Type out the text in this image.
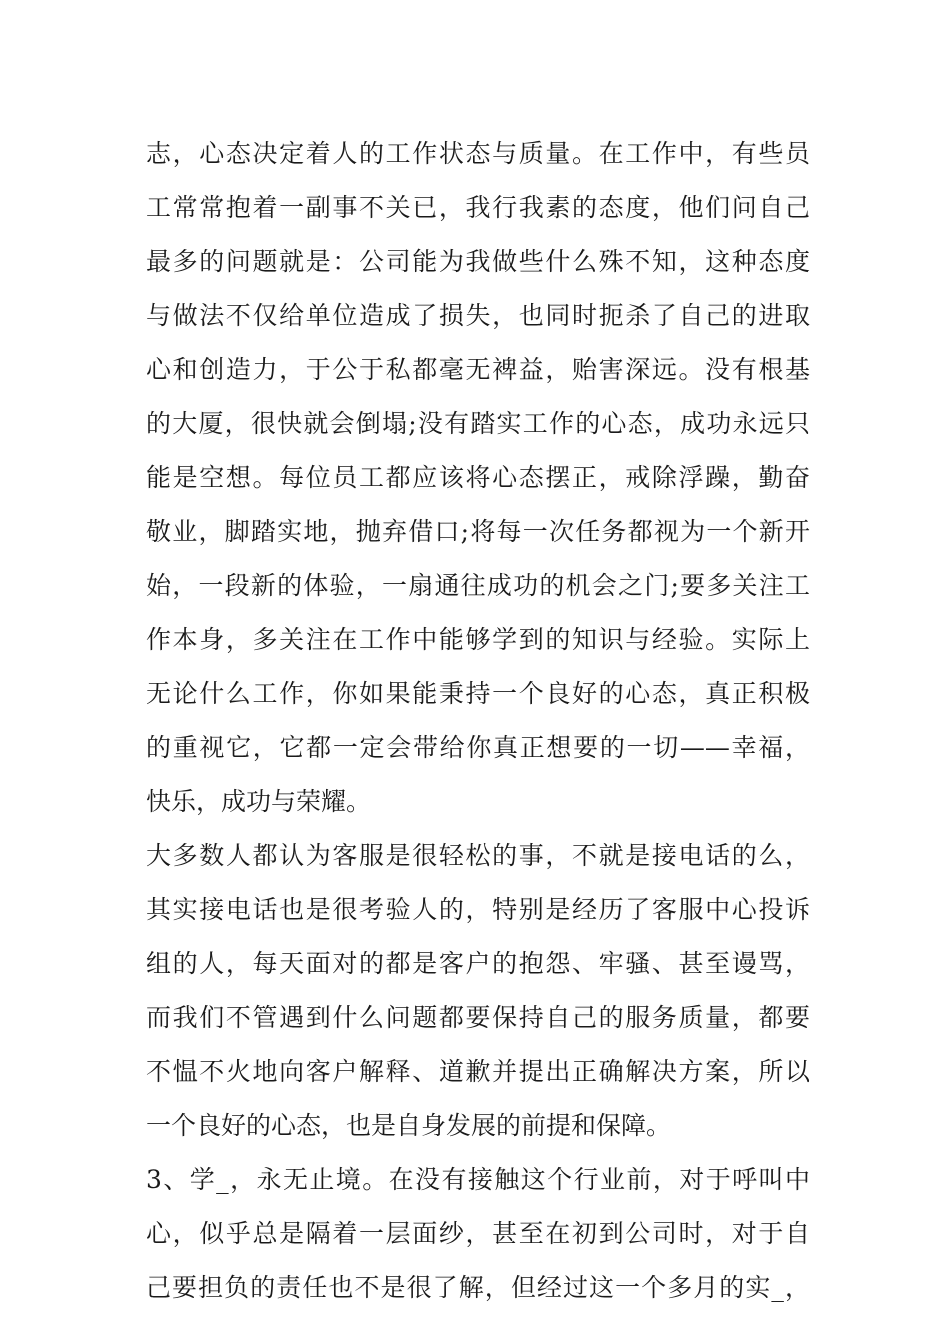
志，心态决定着人的工作状态与质量。在工作中，有些员
工常常抱着一副事不关已，我行我素的态度，他们问自己
最多的问题就是：公司能为我做些什么殊不知，这种态度
与做法不仅给单位造成了损失，也同时扼杀了自己的进取
心和创造力，于公于私都毫无裨益，贻害深远。没有根基
的大厦，很快就会倒塌;没有踏实工作的心态，成功永远只
能是空想。每位员工都应该将心态摆正，戒除浮躁，勤奋
敬业，脚踏实地，抛弃借口;将每一次任务都视为一个新开
始，一段新的体验，一扇通往成功的机会之门;要多关注工
作本身，多关注在工作中能够学到的知识与经验。实际上
无论什么工作，你如果能秉持一个良好的心态，真正积极
的重视它，它都一定会带给你真正想要的一切——幸福，
快乐，成功与荣耀。
大多数人都认为客服是很轻松的事，不就是接电话的么，
其实接电话也是很考验人的，特别是经历了客服中心投诉
组的人，每天面对的都是客户的抱怨、牢骚、甚至谩骂，
而我们不管遇到什么问题都要保持自己的服务质量，都要
不愠不火地向客户解释、道歉并提出正确解决方案，所以
一个良好的心态，也是自身发展的前提和保障。
3、学_，永无止境。在没有接触这个行业前，对于呼叫中
心，似乎总是隔着一层面纱，甚至在初到公司时，对于自
己要担负的责任也不是很了解，但经过这一个多月的实_，
